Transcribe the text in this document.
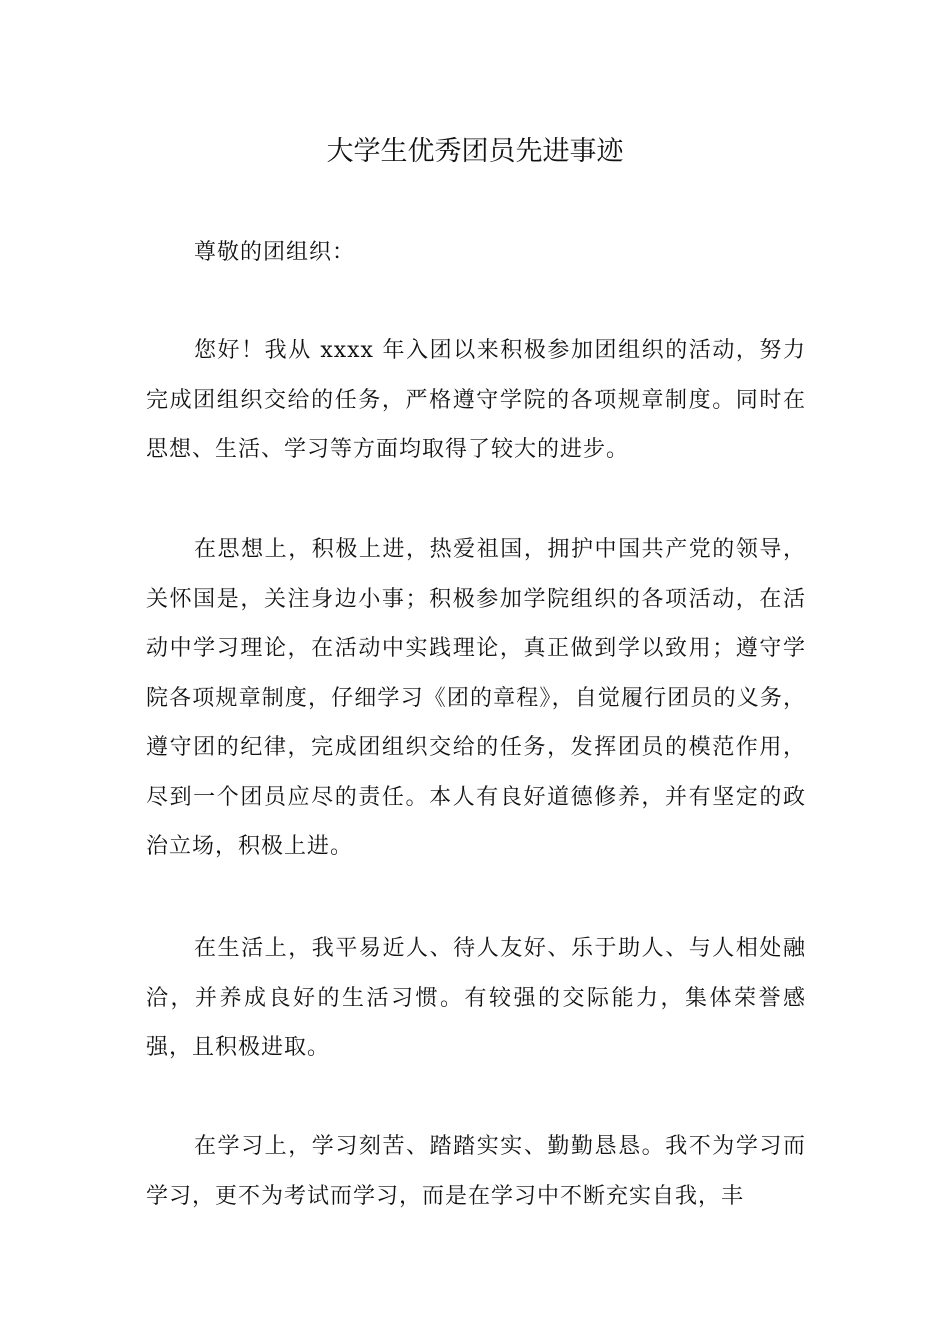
大学生优秀团员先进事迹

尊敬的团组织：

您好！我从 xxxx 年入团以来积极参加团组织的活动，努力完成团组织交给的任务，严格遵守学院的各项规章制度。同时在思想、生活、学习等方面均取得了较大的进步。

在思想上，积极上进，热爱祖国，拥护中国共产党的领导，关怀国是，关注身边小事；积极参加学院组织的各项活动，在活动中学习理论，在活动中实践理论，真正做到学以致用；遵守学院各项规章制度，仔细学习《团的章程》，自觉履行团员的义务，遵守团的纪律，完成团组织交给的任务，发挥团员的模范作用，尽到一个团员应尽的责任。本人有良好道德修养，并有坚定的政治立场，积极上进。

在生活上，我平易近人、待人友好、乐于助人、与人相处融洽，并养成良好的生活习惯。有较强的交际能力，集体荣誉感强，且积极进取。

在学习上，学习刻苦、踏踏实实、勤勤恳恳。我不为学习而学习，更不为考试而学习，而是在学习中不断充实自我，丰
